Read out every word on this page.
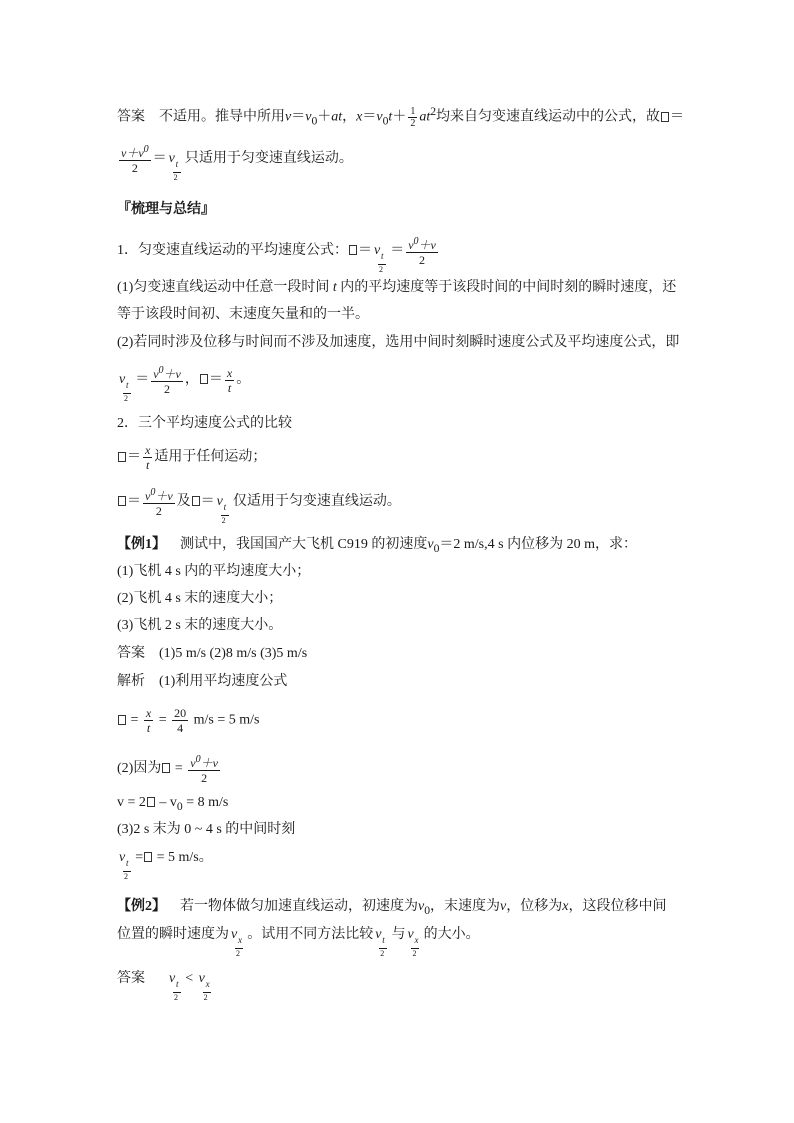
答案 不适用。推导中所用$v=v_0+at$，$x=v_0t+ \frac{1}{2} at^2$均来自匀变速直线运动中的公式，故 ＝
$\frac{v+v^0}{2} = v$ t
2
只适用于匀变速直线运动。
『梳理与总结』
1．匀变速直线运动的平均速度公式： ＝ v t
2
＝ $\frac{v^0+v}{2}$
(1)匀变速直线运动中任意一段时间 t 内的平均速度等于该段时间的中间时刻的瞬时速度，还
等于该段时间初、末速度矢量和的一半。
(2)若同时涉及位移与时间而不涉及加速度，选用中间时刻瞬时速度公式及平均速度公式，即
v t
2
＝ $\frac{v^0+v}{2}$ ， ＝ $\frac{x}{t}$ 。
2．三个平均速度公式的比较
＝ $\frac{x}{t}$ 适用于任何运动；
＝ $\frac{v^0+v}{2}$ 及 ＝ v t
2
仅适用于匀变速直线运动。
【例1】 测试中，我国国产大飞机 C919 的初速度$v_0=2$ m/s,4 s 内位移为 20 m，求：
(1)飞机 4 s 内的平均速度大小；
(2)飞机 4 s 末的速度大小；
(3)飞机 2 s 末的速度大小。
答案 (1)5 m/s (2)8 m/s (3)5 m/s
解析 (1)利用平均速度公式
= $\frac{x}{t} = \frac{20}{4} m/s = 5$ m/s
(2)因为 = $\frac{v^0+v}{2}$
$v = 2 - v_0 = 8$ m/s
(3)2 s 末为 0 ~ 4 s 的中间时刻
v t
2
= = 5 m/s。
【例2】 若一物体做匀加速直线运动，初速度为$v_0$，末速度为v，位移为x，这段位移中间
位置的瞬时速度为 v x
2
。试用不同方法比较 v t
2
与 v x
2
的大小。
答案 v t
2
< v x
2
